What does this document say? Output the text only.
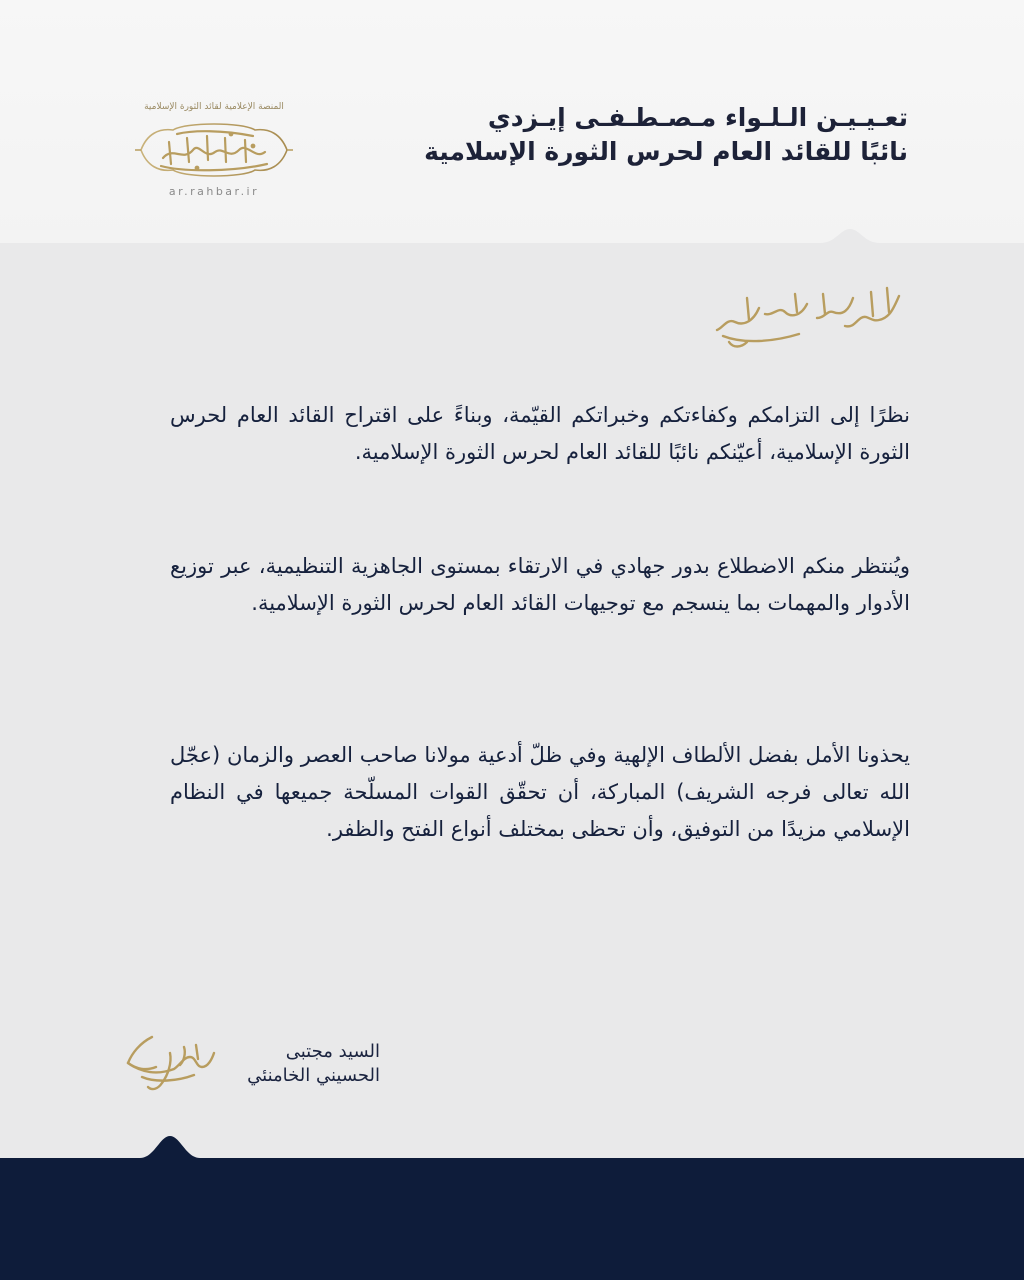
تعـيـيـن الـلـواء مـصـطـفـى إيـزدي
نائبًا للقائد العام لحرس الثورة الإسلامية
المنصة الإعلامية لقائد الثورة الإسلامية
ar.rahbar.ir

نظرًا إلى التزامكم وكفاءتكم وخبراتكم القيّمة، وبناءً على اقتراح القائد العام لحرس الثورة الإسلامية، أعيّنكم نائبًا للقائد العام لحرس الثورة الإسلامية.

ويُنتظر منكم الاضطلاع بدور جهادي في الارتقاء بمستوى الجاهزية التنظيمية، عبر توزيع الأدوار والمهمات بما ينسجم مع توجيهات القائد العام لحرس الثورة الإسلامية.

يحذونا الأمل بفضل الألطاف الإلهية وفي ظلّ أدعية مولانا صاحب العصر والزمان (عجّل الله تعالى فرجه الشريف) المباركة، أن تحقّق القوات المسلّحة جميعها في النظام الإسلامي مزيدًا من التوفيق، وأن تحظى بمختلف أنواع الفتح والظفر.

السيد مجتبى
الحسيني الخامنئي
